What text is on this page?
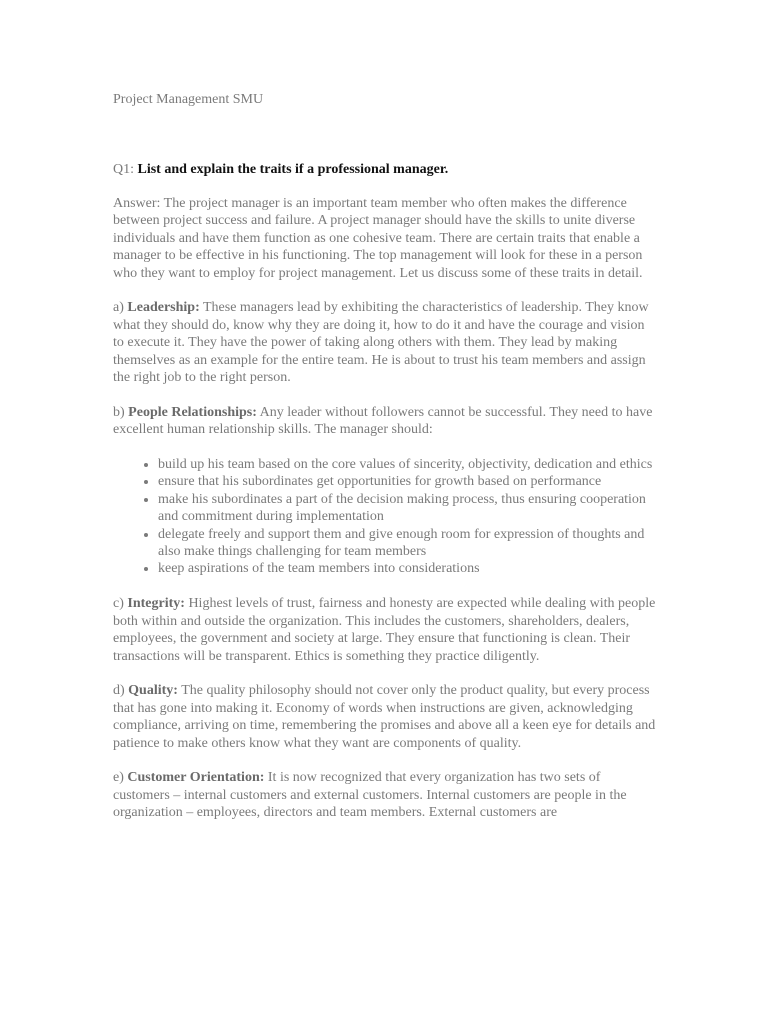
Project Management SMU

Q1: List and explain the traits if a professional manager.

Answer: The project manager is an important team member who often makes the difference between project success and failure. A project manager should have the skills to unite diverse individuals and have them function as one cohesive team. There are certain traits that enable a manager to be effective in his functioning. The top management will look for these in a person who they want to employ for project management. Let us discuss some of these traits in detail.

a) Leadership: These managers lead by exhibiting the characteristics of leadership. They know what they should do, know why they are doing it, how to do it and have the courage and vision to execute it. They have the power of taking along others with them. They lead by making themselves as an example for the entire team. He is about to trust his team members and assign the right job to the right person.

b) People Relationships: Any leader without followers cannot be successful. They need to have excellent human relationship skills. The manager should:

• build up his team based on the core values of sincerity, objectivity, dedication and ethics
• ensure that his subordinates get opportunities for growth based on performance
• make his subordinates a part of the decision making process, thus ensuring cooperation and commitment during implementation
• delegate freely and support them and give enough room for expression of thoughts and also make things challenging for team members
• keep aspirations of the team members into considerations

c) Integrity: Highest levels of trust, fairness and honesty are expected while dealing with people both within and outside the organization. This includes the customers, shareholders, dealers, employees, the government and society at large. They ensure that functioning is clean. Their transactions will be transparent. Ethics is something they practice diligently.

d) Quality: The quality philosophy should not cover only the product quality, but every process that has gone into making it. Economy of words when instructions are given, acknowledging compliance, arriving on time, remembering the promises and above all a keen eye for details and patience to make others know what they want are components of quality.

e) Customer Orientation: It is now recognized that every organization has two sets of customers – internal customers and external customers. Internal customers are people in the organization – employees, directors and team members. External customers are
